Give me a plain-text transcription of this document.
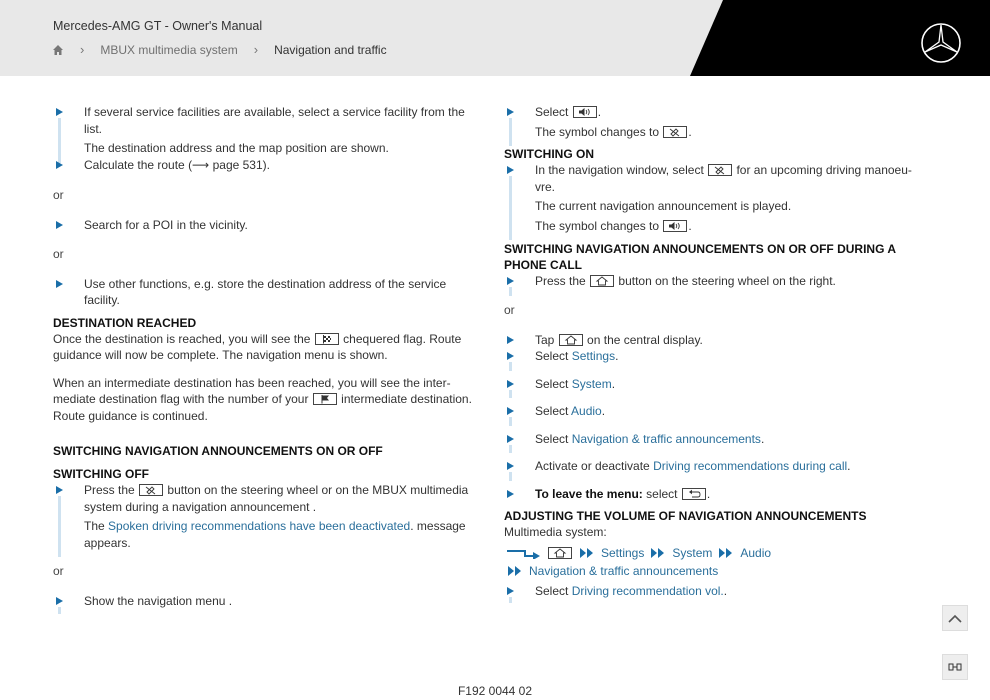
Mercedes-AMG GT - Owner's Manual
› MBUX multimedia system › Navigation and traffic
If several service facilities are available, select a service facility from the list.
The destination address and the map position are shown.
Calculate the route (⟶ page 531).
or
Search for a POI in the vicinity.
or
Use other functions, e.g. store the destination address of the service facility.
DESTINATION REACHED
Once the destination is reached, you will see the	chequered flag. Route guidance will now be complete. The navigation menu is shown.
When an intermediate destination has been reached, you will see the intermediate destination flag with the number of your	intermediate destination. Route guidance is continued.
SWITCHING NAVIGATION ANNOUNCEMENTS ON OR OFF
SWITCHING OFF
Press the	button on the steering wheel or on the MBUX multimedia system during a navigation announcement .
The Spoken driving recommendations have been deactivated. message appears.
or
Show the navigation menu .
Select .
The symbol changes to .
SWITCHING ON
In the navigation window, select	for an upcoming driving manoeuvre.
The current navigation announcement is played.
The symbol changes to .
SWITCHING NAVIGATION ANNOUNCEMENTS ON OR OFF DURING A PHONE CALL
Press the	button on the steering wheel on the right.
or
Tap	on the central display.
Select Settings.
Select System.
Select Audio.
Select Navigation & traffic announcements.
Activate or deactivate Driving recommendations during call.
To leave the menu: select .
ADJUSTING THE VOLUME OF NAVIGATION ANNOUNCEMENTS
Multimedia system:
Settings System Audio
Navigation & traffic announcements
Select Driving recommendation vol..
F192 0044 02
